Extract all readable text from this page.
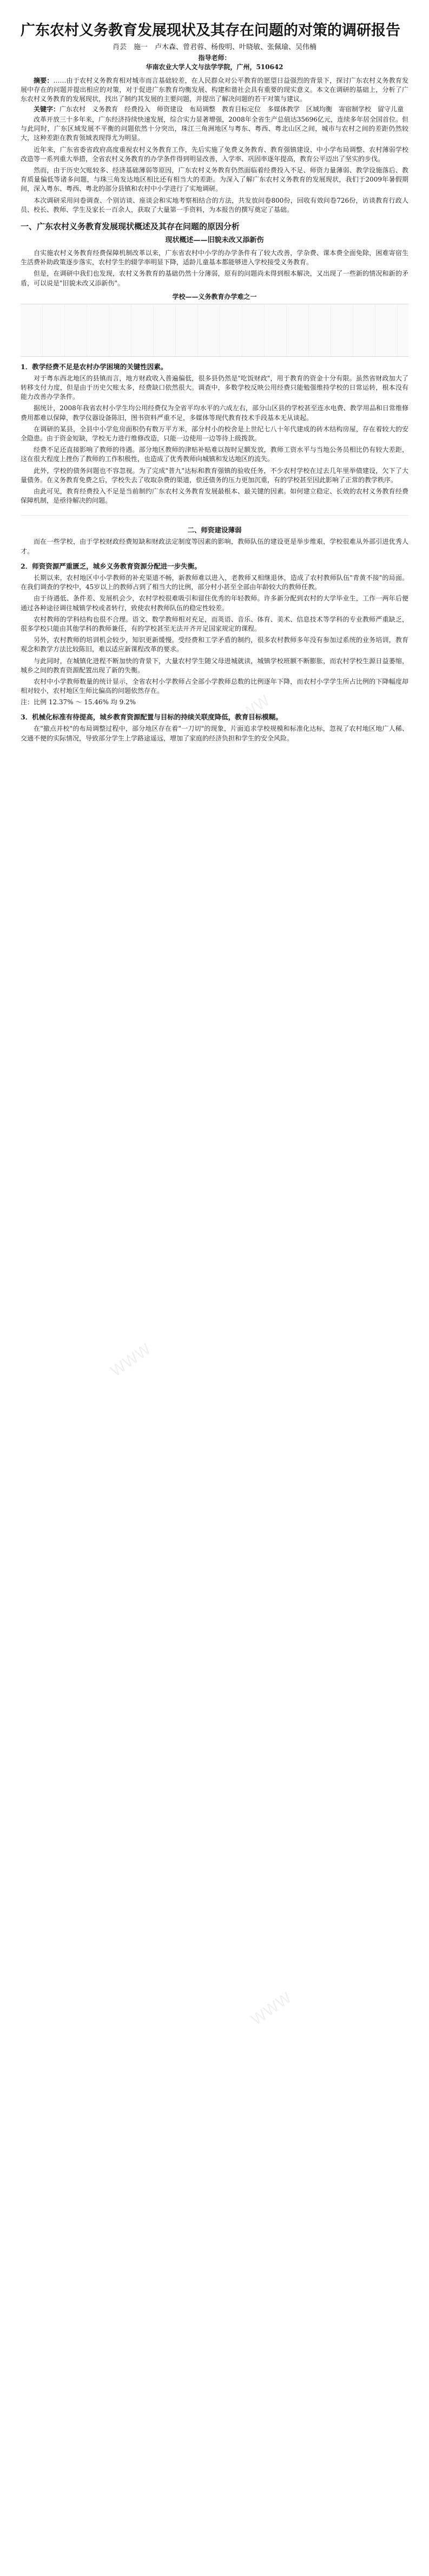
WWW
WWW
WWW
WWW
广东农村义务教育发展现状及其存在问题的对策的调研报告

肖芸　施一　卢木森、曾君蓉、杨俊明、叶晓敏、张佩瑜、吴伟楠

指导老师：

华南农业大学人文与法学学院，广州，510642

摘要：……由于农村义务教育相对城市而言基础较差，在人民群众对公平教育的愿望日益强烈的背景下，探讨广东农村义务教育发展中存在的问题并提出相应的对策，对于促进广东教育均衡发展、构建和谐社会具有重要的现实意义。本文在调研的基础上，分析了广东农村义务教育的发展现状，找出了制约其发展的主要问题，并提出了解决问题的若干对策与建议。

关键字：广东农村　义务教育　经费投入　师资建设　布局调整　教育目标定位　多媒体教学　区域均衡　寄宿制学校　留守儿童

改革开放三十多年来，广东经济持续快速发展，综合实力显著增强，2008年全省生产总值达35696亿元，连续多年居全国首位。但与此同时，广东区域发展不平衡的问题依然十分突出，珠江三角洲地区与粤东、粤西、粤北山区之间，城市与农村之间的差距仍然较大，这种差距在教育领域表现得尤为明显。

近年来，广东省委省政府高度重视农村义务教育工作，先后实施了免费义务教育、教育强镇建设、中小学布局调整、农村薄弱学校改造等一系列重大举措，全省农村义务教育的办学条件得到明显改善，入学率、巩固率逐年提高，教育公平迈出了坚实的步伐。

然而，由于历史欠账较多、经济基础薄弱等原因，广东农村义务教育仍然面临着经费投入不足、师资力量薄弱、教学设施落后、教育质量偏低等诸多问题，与珠三角发达地区相比还有相当大的差距。为深入了解广东农村义务教育的发展现状，我们于2009年暑假期间，深入粤东、粤西、粤北的部分县镇和农村中小学进行了实地调研。

本次调研采用问卷调查、个别访谈、座谈会和实地考察相结合的方法，共发放问卷800份，回收有效问卷726份，访谈教育行政人员、校长、教师、学生及家长一百余人，获取了大量第一手资料，为本报告的撰写奠定了基础。

一、广东农村义务教育发展现状概述及其存在问题的原因分析

现状概述——旧貌未改又添新伤

自实施农村义务教育经费保障机制改革以来，广东省农村中小学的办学条件有了较大改善，学杂费、课本费全面免除，困难寄宿生生活费补助政策逐步落实，农村学生的辍学率明显下降，适龄儿童基本都能够进入学校接受义务教育。

但是，在调研中我们也发现，农村义务教育的基础仍然十分薄弱，原有的问题尚未得到根本解决，又出现了一些新的情况和新的矛盾，可以说是"旧貌未改又添新伤"。

学校——义务教育办学难之一

1．教学经费不足是农村办学困境的关键性因素。

对于粤东西北地区的县镇而言，地方财政收入普遍偏低，很多县仍然是"吃饭财政"，用于教育的资金十分有限。虽然省财政加大了转移支付力度，但是由于历史欠账太多，经费缺口依然很大。调查中，多数学校反映公用经费只能勉强维持学校的日常运转，根本没有能力改善办学条件。

据统计，2008年我省农村小学生均公用经费仅为全省平均水平的六成左右，部分山区县的学校甚至连水电费、教学用品和日常维修费用都难以保障，教学仪器设备陈旧，图书资料严重不足，多媒体等现代教育技术手段基本无从谈起。

在调研的某县，全县中小学危房面积仍有数万平方米，部分村小的校舍是上世纪七八十年代建成的砖木结构房屋，存在着较大的安全隐患。由于资金短缺，学校无力进行维修改造，只能一边使用一边等待上级拨款。

经费不足还直接影响了教师的待遇。部分地区教师的津贴补贴难以按时足额发放，教师工资水平与当地公务员相比仍有较大差距，这在很大程度上挫伤了教师的工作积极性，也造成了优秀教师向城镇和发达地区的流失。

此外，学校的债务问题也不容忽视。为了完成"普九"达标和教育强镇的验收任务，不少农村学校在过去几年里举债建设，欠下了大量债务。在义务教育免费之后，学校失去了收取杂费的渠道，偿还债务的压力更加沉重，有的学校甚至因此影响了正常的教学秩序。

由此可见，教育经费投入不足是当前制约广东农村义务教育发展最根本、最关键的因素。如何建立稳定、长效的农村义务教育经费保障机制，是亟待解决的问题。

二、师资建设薄弱

而在一些学校，由于学校财政经费短缺和财政法定制度等因素的影响，教师队伍的建设更是举步维艰，学校很难从外部引进优秀人才。

2．师资资源严重匮乏，城乡义务教育资源分配进一步失衡。

长期以来，农村地区中小学教师的补充渠道不畅，新教师难以进入，老教师又相继退休，造成了农村教师队伍"青黄不接"的局面。在我们调查的学校中，45岁以上的教师占到了相当大的比例，部分村小甚至全部由年龄较大的教师任教。

由于待遇低、条件差、发展机会少，农村学校很难吸引和留住优秀的年轻教师。许多新分配到农村的大学毕业生，工作一两年后便通过各种途径调往城镇学校或者转行，致使农村教师队伍的稳定性较差。

农村教师的学科结构也很不合理。语文、数学教师相对充足，而英语、音乐、体育、美术、信息技术等学科的专业教师严重缺乏，很多学校只能由其他学科的教师兼任，有的学校甚至无法开齐开足国家规定的课程。

另外，农村教师的培训机会较少，知识更新缓慢。受经费和工学矛盾的制约，很多农村教师多年没有参加过系统的业务培训，教育观念和教学方法比较陈旧，难以适应新课程改革的要求。

与此同时，在城镇化进程不断加快的背景下，大量农村学生随父母进城就读，城镇学校班额不断膨胀，而农村学校生源日益萎缩，城乡之间的教育资源配置出现了新的失衡。

农村中小学教师数量的统计显示，全省农村小学教师占全部小学教师总数的比例逐年下降，而农村小学学生所占比例的下降幅度却相对较小，农村地区生师比偏高的问题依然存在。

注：比例 12.37% ～ 15.46% 均 9.2%

3．机械化标准有待提高，城乡教育资源配置与目标的持续关联度降低，教育目标模糊。

在"撤点并校"的布局调整过程中，部分地区存在着"一刀切"的现象，片面追求学校规模和标准化达标，忽视了农村地区地广人稀、交通不便的实际情况，导致部分学生上学路途遥远，增加了家庭的经济负担和学生的安全风险。
